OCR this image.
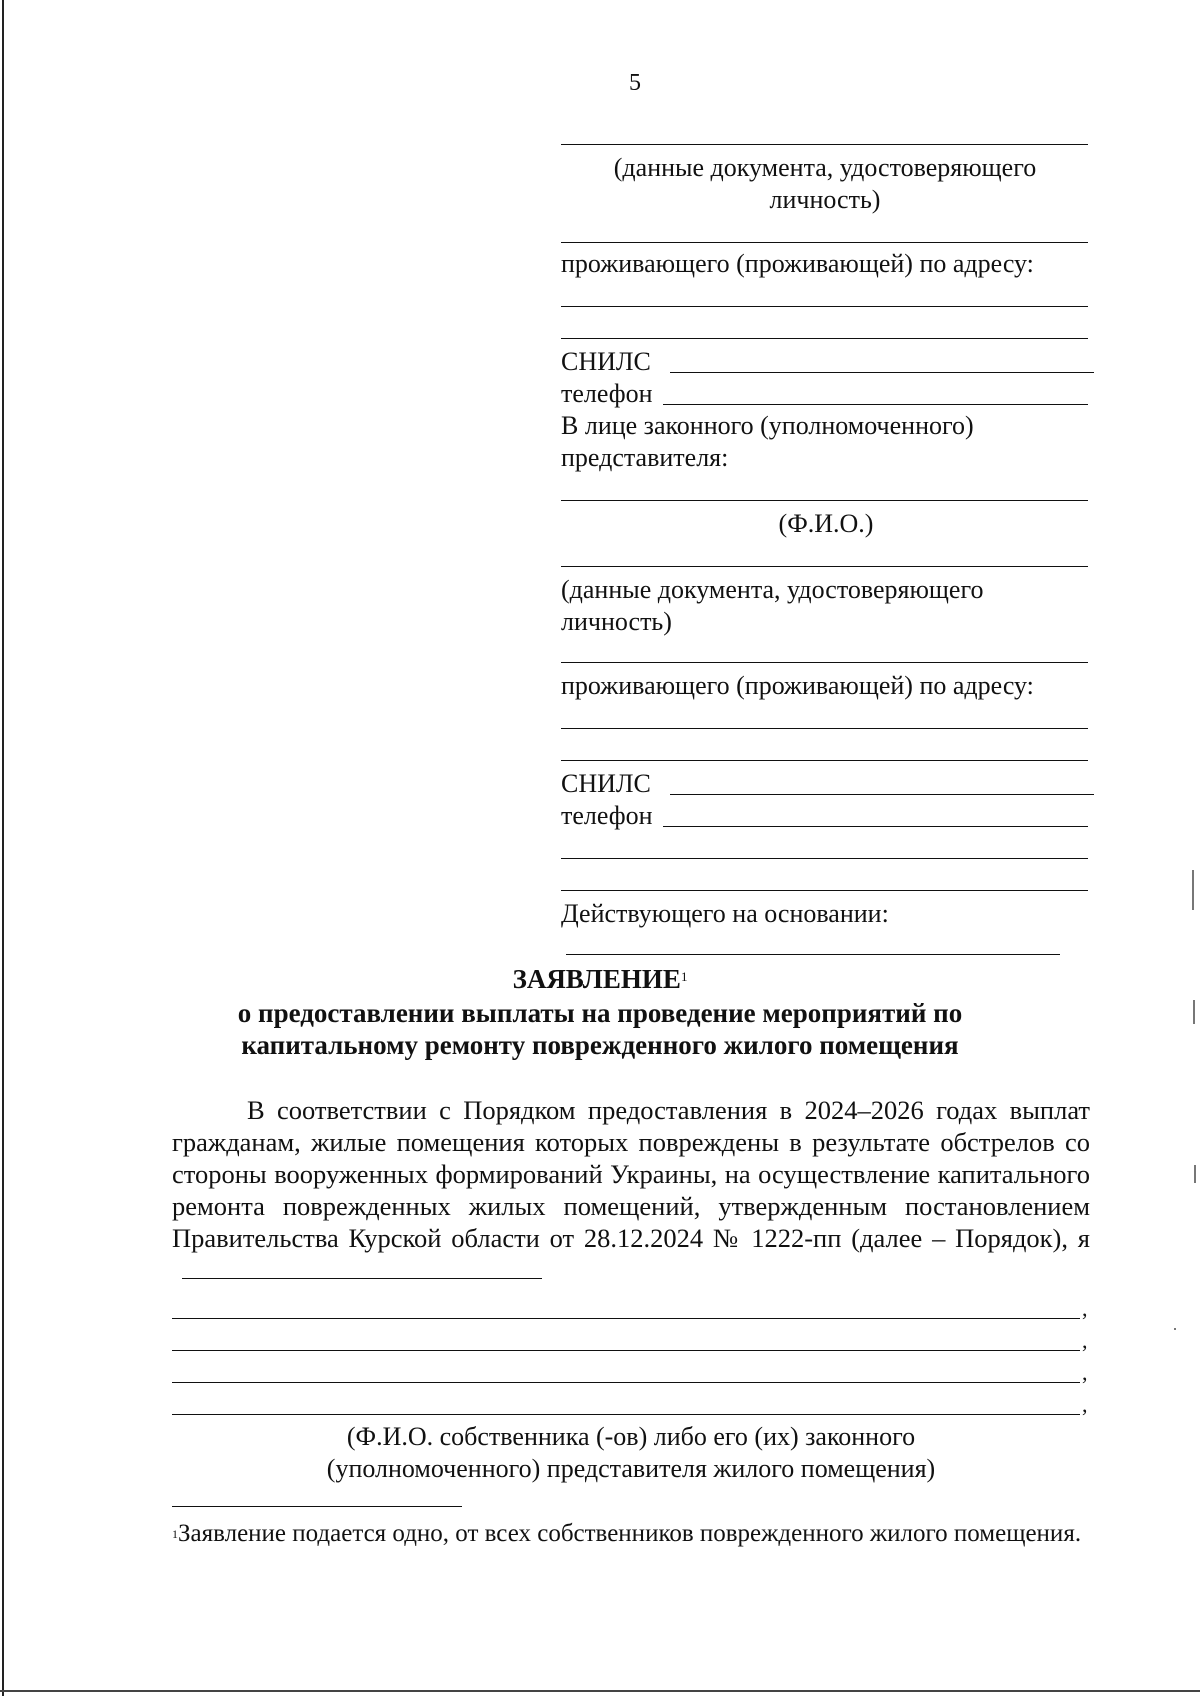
5
(данные документа, удостоверяющего личность)
проживающего (проживающей) по адресу:
СНИЛС
телефон
В лице законного (уполномоченного) представителя:
(Ф.И.О.)
(данные документа, удостоверяющего личность)
проживающего (проживающей) по адресу:
СНИЛС
телефон
Действующего на основании:
ЗАЯВЛЕНИЕ$^1$
о предоставлении выплаты на проведение мероприятий по
капитальному ремонту поврежденного жилого помещения
В соответствии с Порядком предоставления в 2024–2026 годах выплат гражданам, жилые помещения которых повреждены в результате обстрелов со стороны вооруженных формирований Украины, на осуществление капитального ремонта поврежденных жилых помещений, утвержденным постановлением Правительства Курской области от 28.12.2024 № 1222-пп (далее – Порядок), я
,
,
,
,
(Ф.И.О. собственника (-ов) либо его (их) законного
(уполномоченного) представителя жилого помещения)
$^1$Заявление подается одно, от всех собственников поврежденного жилого помещения.
